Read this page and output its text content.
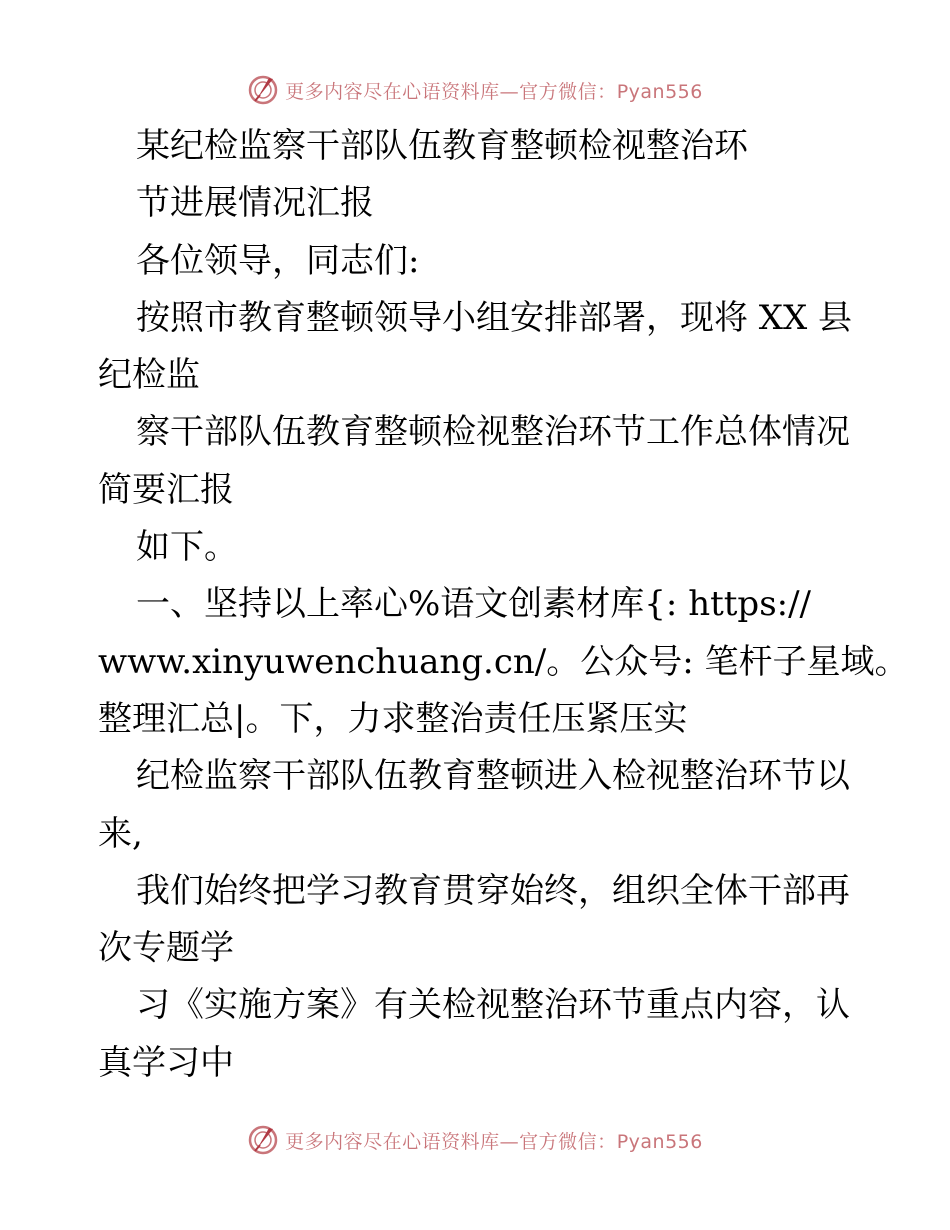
更多内容尽在心语资料库—官方微信：Pyan556
某纪检监察干部队伍教育整顿检视整治环
节进展情况汇报
各位领导，同志们:
按照市教育整顿领导小组安排部署，现将 XX 县
纪检监
察干部队伍教育整顿检视整治环节工作总体情况
简要汇报
如下。
一、坚持以上率心%语文创素材库{: https://
www.xinyuwenchuang.cn/。公众号: 笔杆子星域。
整理汇总|。下，力求整治责任压紧压实
纪检监察干部队伍教育整顿进入检视整治环节以
来,
我们始终把学习教育贯穿始终，组织全体干部再
次专题学
习《实施方案》有关检视整治环节重点内容，认
真学习中
更多内容尽在心语资料库—官方微信：Pyan556
